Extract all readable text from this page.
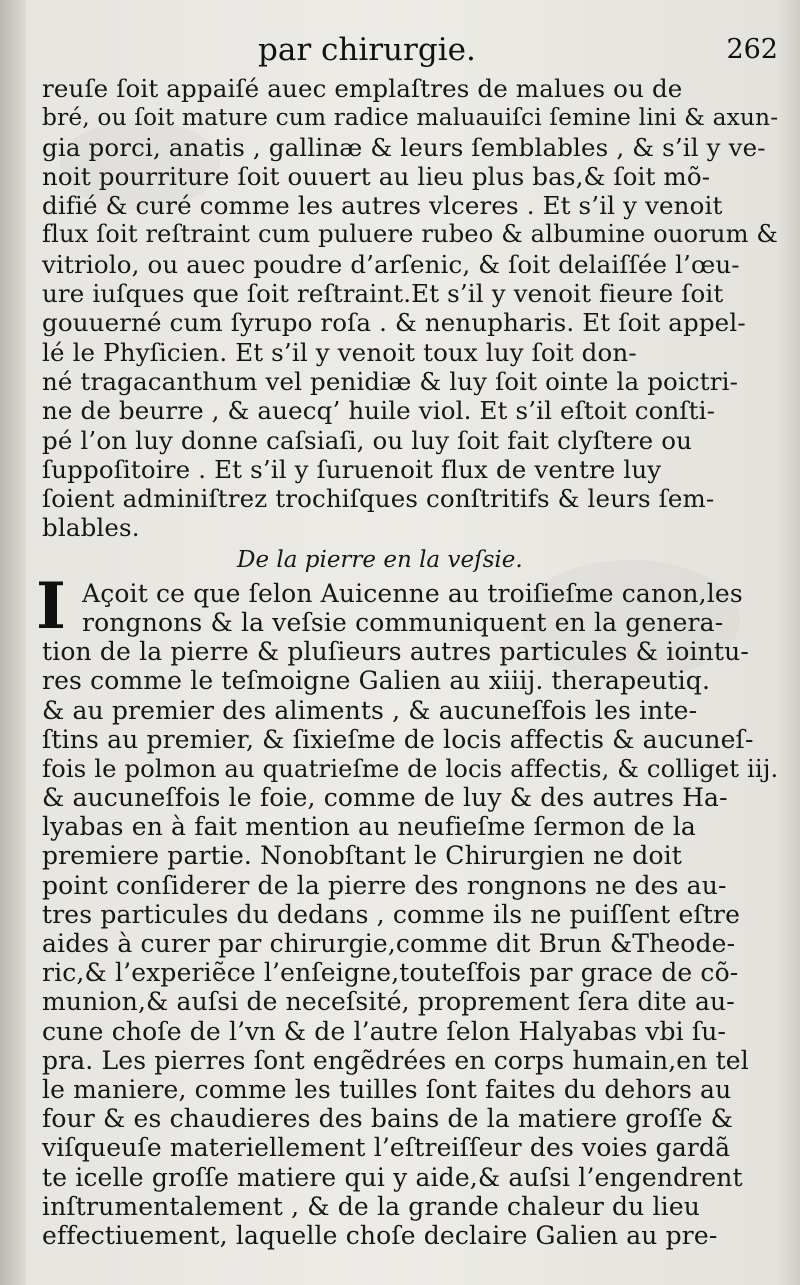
par chirurgie.	262
reuſe ſoit appaiſé auec emplaſtres de malues ou de
bré, ou ſoit mature cum radice maluauiſci ſemine lini & axun-
gia porci, anatis , gallinæ & leurs ſemblables , & s’il y ve-
noit pourriture ſoit ouuert au lieu plus bas,& ſoit mõ-
difié & curé comme les autres vlceres . Et s’il y venoit
flux ſoit reſtraint cum puluere rubeo & albumine ouorum &
vitriolo, ou auec poudre d’arſenic, & ſoit delaiſſée l’œu-
ure iuſques que ſoit reſtraint.Et s’il y venoit fieure ſoit
gouuerné cum ſyrupo roſa . & nenupharis. Et ſoit appel-
lé le Phyſicien. Et s’il y venoit toux luy ſoit don-
né tragacanthum vel penidiæ & luy ſoit ointe la poictri-
ne de beurre , & auecq’ huile viol. Et s’il eſtoit conſti-
pé l’on luy donne caſsiaſi, ou luy ſoit fait clyſtere ou
ſuppoſitoire . Et s’il y ſuruenoit flux de ventre luy
ſoient adminiſtrez trochiſques conſtritifs & leurs ſem-
blables.
De la pierre en la veſsie.
I Açoit ce que ſelon Auicenne au troiſieſme canon,les
rongnons & la veſsie communiquent en la genera-
tion de la pierre & pluſieurs autres particules & iointu-
res comme le teſmoigne Galien au xiiij. therapeutiq.
& au premier des aliments , & aucuneſfois les inte-
ſtins au premier, & ſixieſme de locis affectis & aucuneſ-
fois le polmon au quatrieſme de locis affectis, & colliget iij.
& aucuneſfois le foie, comme de luy & des autres Ha-
lyabas en à fait mention au neufieſme ſermon de la
premiere partie. Nonobſtant le Chirurgien ne doit
point conſiderer de la pierre des rongnons ne des au-
tres particules du dedans , comme ils ne puiſſent eſtre
aides à curer par chirurgie,comme dit Brun &Theode-
ric,& l’experiẽce l’enſeigne,touteſfois par grace de cõ-
munion,& auſsi de neceſsité, proprement ſera dite au-
cune choſe de l’vn & de l’autre ſelon Halyabas vbi ſu-
pra. Les pierres ſont engẽdrées en corps humain,en tel
le maniere, comme les tuilles ſont faites du dehors au
four & es chaudieres des bains de la matiere groſſe &
viſqueuſe materiellement l’eſtreiſſeur des voies gardã
te icelle groſſe matiere qui y aide,& auſsi l’engendrent
inſtrumentalement , & de la grande chaleur du lieu
effectiuement, laquelle choſe declaire Galien au pre-
